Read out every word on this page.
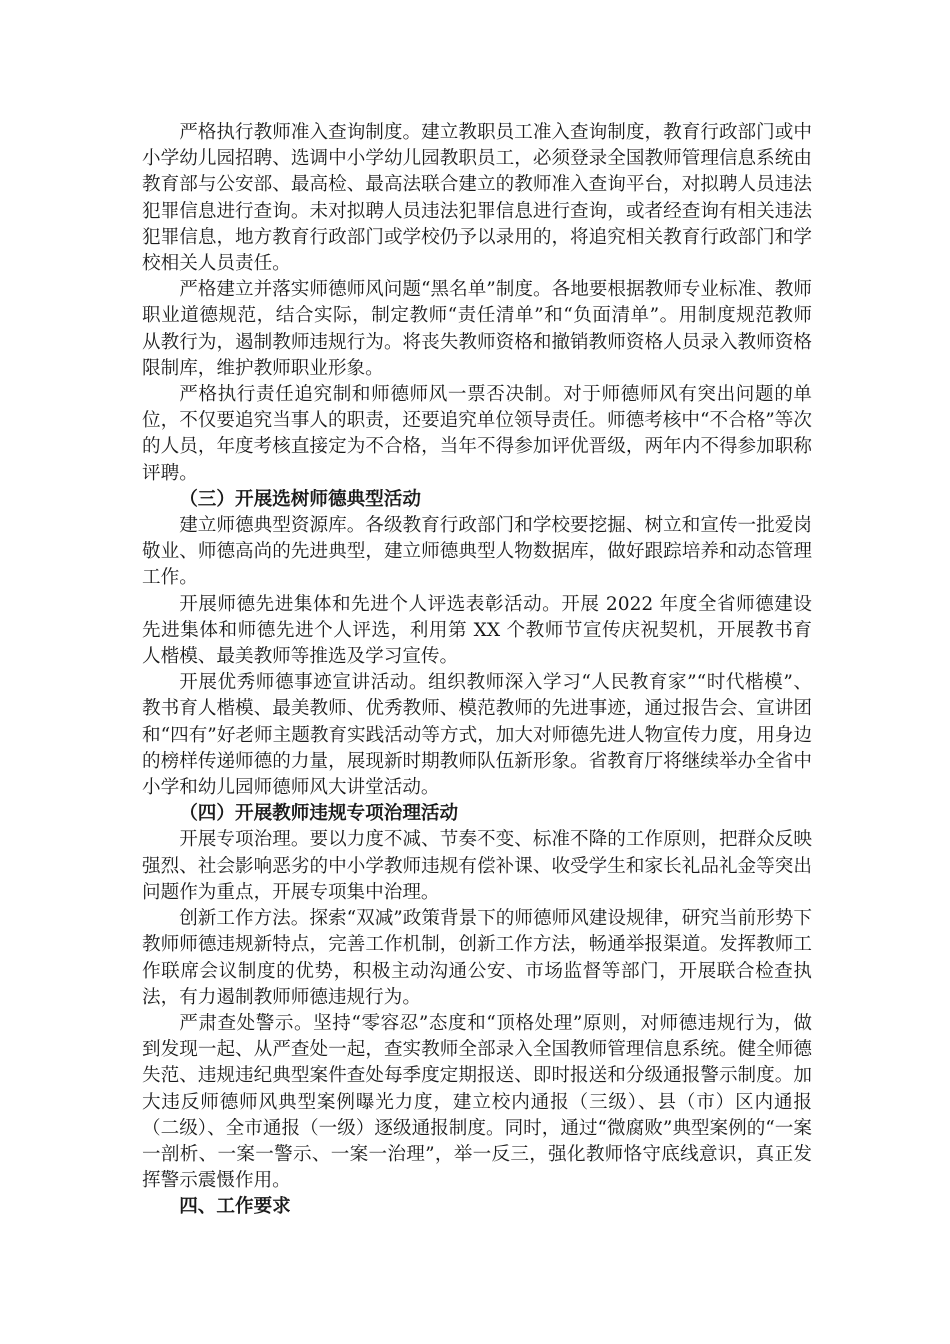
严格执行教师准入查询制度。建立教职员工准入查询制度，教育行政部门或中小学幼儿园招聘、选调中小学幼儿园教职员工，必须登录全国教师管理信息系统由教育部与公安部、最高检、最高法联合建立的教师准入查询平台，对拟聘人员违法犯罪信息进行查询。未对拟聘人员违法犯罪信息进行查询，或者经查询有相关违法犯罪信息，地方教育行政部门或学校仍予以录用的，将追究相关教育行政部门和学校相关人员责任。

严格建立并落实师德师风问题“黑名单”制度。各地要根据教师专业标准、教师职业道德规范，结合实际，制定教师“责任清单”和“负面清单”。用制度规范教师从教行为，遏制教师违规行为。将丧失教师资格和撤销教师资格人员录入教师资格限制库，维护教师职业形象。

严格执行责任追究制和师德师风一票否决制。对于师德师风有突出问题的单位，不仅要追究当事人的职责，还要追究单位领导责任。师德考核中“不合格”等次的人员，年度考核直接定为不合格，当年不得参加评优晋级，两年内不得参加职称评聘。

（三）开展选树师德典型活动

建立师德典型资源库。各级教育行政部门和学校要挖掘、树立和宣传一批爱岗敬业、师德高尚的先进典型，建立师德典型人物数据库，做好跟踪培养和动态管理工作。

开展师德先进集体和先进个人评选表彰活动。开展 2022 年度全省师德建设先进集体和师德先进个人评选，利用第 XX 个教师节宣传庆祝契机，开展教书育人楷模、最美教师等推选及学习宣传。

开展优秀师德事迹宣讲活动。组织教师深入学习“人民教育家”“时代楷模”、教书育人楷模、最美教师、优秀教师、模范教师的先进事迹，通过报告会、宣讲团和“四有”好老师主题教育实践活动等方式，加大对师德先进人物宣传力度，用身边的榜样传递师德的力量，展现新时期教师队伍新形象。省教育厅将继续举办全省中小学和幼儿园师德师风大讲堂活动。

（四）开展教师违规专项治理活动

开展专项治理。要以力度不减、节奏不变、标准不降的工作原则，把群众反映强烈、社会影响恶劣的中小学教师违规有偿补课、收受学生和家长礼品礼金等突出问题作为重点，开展专项集中治理。

创新工作方法。探索“双减”政策背景下的师德师风建设规律，研究当前形势下教师师德违规新特点，完善工作机制，创新工作方法，畅通举报渠道。发挥教师工作联席会议制度的优势，积极主动沟通公安、市场监督等部门，开展联合检查执法，有力遏制教师师德违规行为。

严肃查处警示。坚持“零容忍”态度和“顶格处理”原则，对师德违规行为，做到发现一起、从严查处一起，查实教师全部录入全国教师管理信息系统。健全师德失范、违规违纪典型案件查处每季度定期报送、即时报送和分级通报警示制度。加大违反师德师风典型案例曝光力度，建立校内通报（三级）、县（市）区内通报（二级）、全市通报（一级）逐级通报制度。同时，通过“微腐败”典型案例的“一案一剖析、一案一警示、一案一治理”，举一反三，强化教师恪守底线意识，真正发挥警示震慑作用。

四、工作要求
